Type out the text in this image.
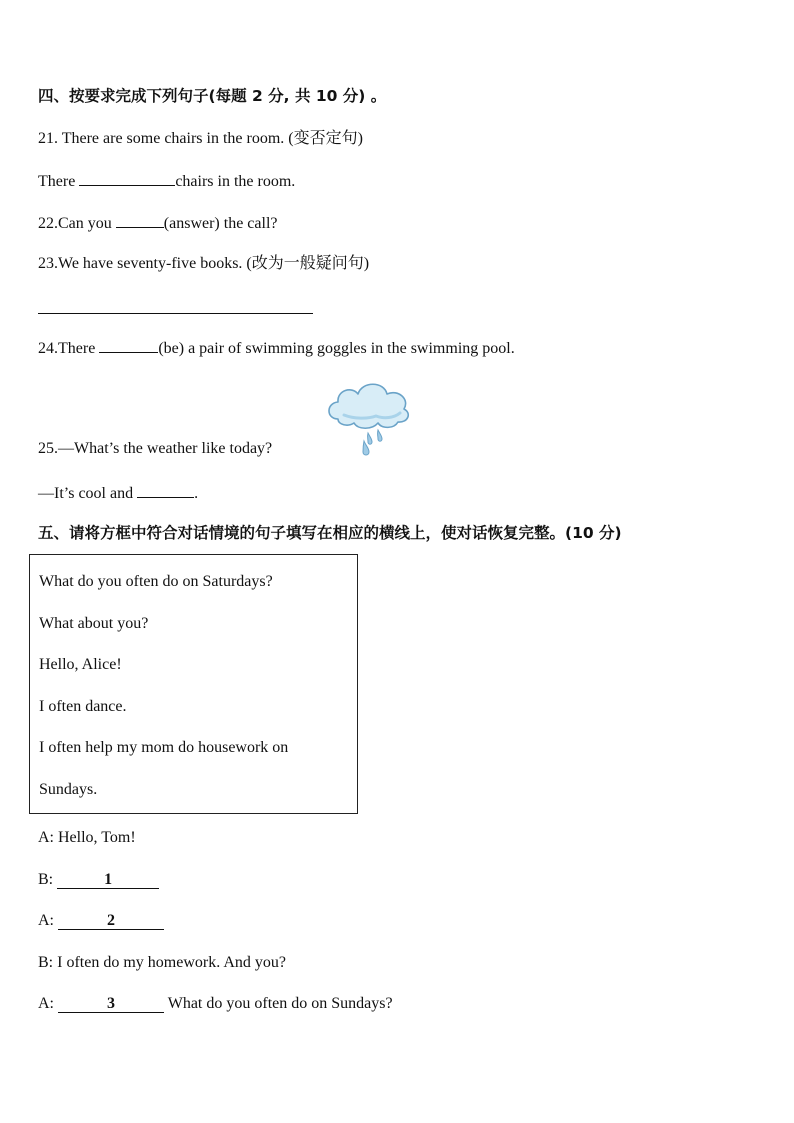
四、按要求完成下列句子(每题 2 分, 共 10 分) 。
21. There are some chairs in the room. (变否定句)
There	chairs in the room.
22.Can you	(answer) the call?
23.We have seventy-five books. (改为一般疑问句)
24.There	(be) a pair of swimming goggles in the swimming pool.
25.—What’s the weather like today?
—It’s cool and	.
五、请将方框中符合对话情境的句子填写在相应的横线上，使对话恢复完整。(10 分)
What do you often do on Saturdays?
What about you?
Hello, Alice!
I often dance.
I often help my mom do housework on
Sundays.
A: Hello, Tom!
B:	1
A:	2
B: I often do my homework. And you?
A:	3	What do you often do on Sundays?
